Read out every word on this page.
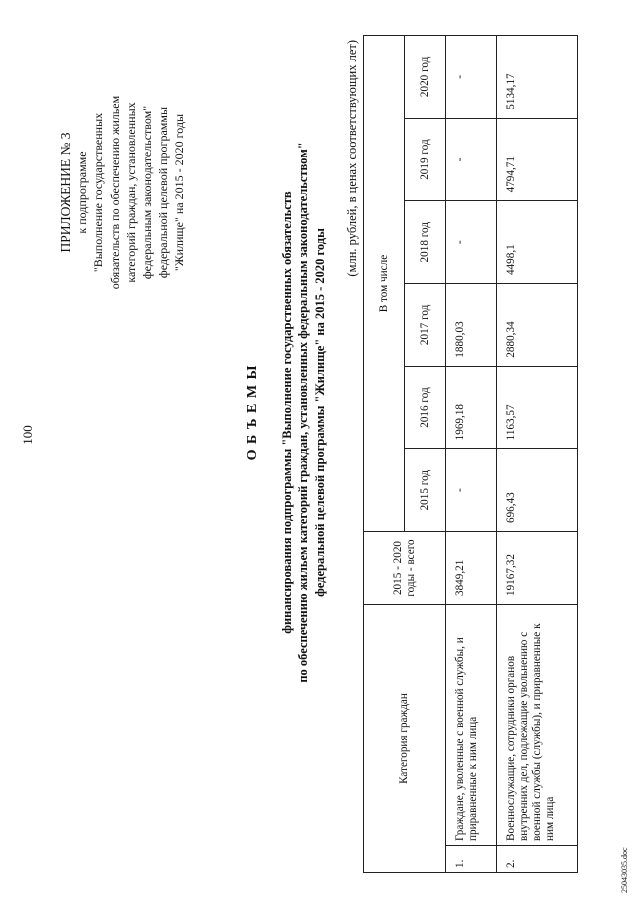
100
ПРИЛОЖЕНИЕ № 3 к подпрограмме "Выполнение государственных обязательств по обеспечению жильем категорий граждан, установленных федеральным законодательством" федеральной целевой программы "Жилище" на 2015 - 2020 годы
О Б Ъ Е М Ы финансирования подпрограммы "Выполнение государственных обязательств по обеспечению жильем категорий граждан, установленных федеральным законодательством" федеральной целевой программы "Жилище" на 2015 - 2020 годы
(млн. рублей, в ценах соответствующих лет)
Категория граждан		2015 - 2020 годы - всего	В том числе					
			2015 год	2016 год	2017 год	2018 год	2019 год	2020 год
1.	Граждане, уволенные с военной службы, и приравненные к ним лица	3849,21	-	1969,18	1880,03	-	-	-
2.	Военнослужащие, сотрудники органов внутренних дел, подлежащие увольнению с военной службы (службы), и приравненные к ним лица	19167,32	696,43	1163,57	2880,34	4498,1	4794,71	5134,17
25043035.doc
